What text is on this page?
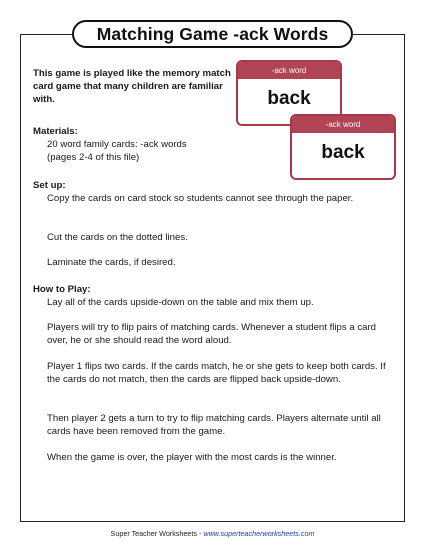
Matching Game -ack Words
-ack word
back
-ack word
back
This game is played like the memory match card game that many children are familiar with.
Materials:
20 word family cards: -ack words
(pages 2-4 of this file)
Set up:
Copy the cards on card stock so students cannot see through the paper.
Cut the cards on the dotted lines.
Laminate the cards, if desired.
How to Play:
Lay all of the cards upside-down on the table and mix them up.
Players will try to flip pairs of matching cards. Whenever a student flips a card over, he or she should read the word aloud.
Player 1 flips two cards. If the cards match, he or she gets to keep both cards. If the cards do not match, then the cards are flipped back upside-down.
Then player 2 gets a turn to try to flip matching cards. Players alternate until all cards have been removed from the game.
When the game is over, the player with the most cards is the winner.
Super Teacher Worksheets - www.superteacherworksheets.com
